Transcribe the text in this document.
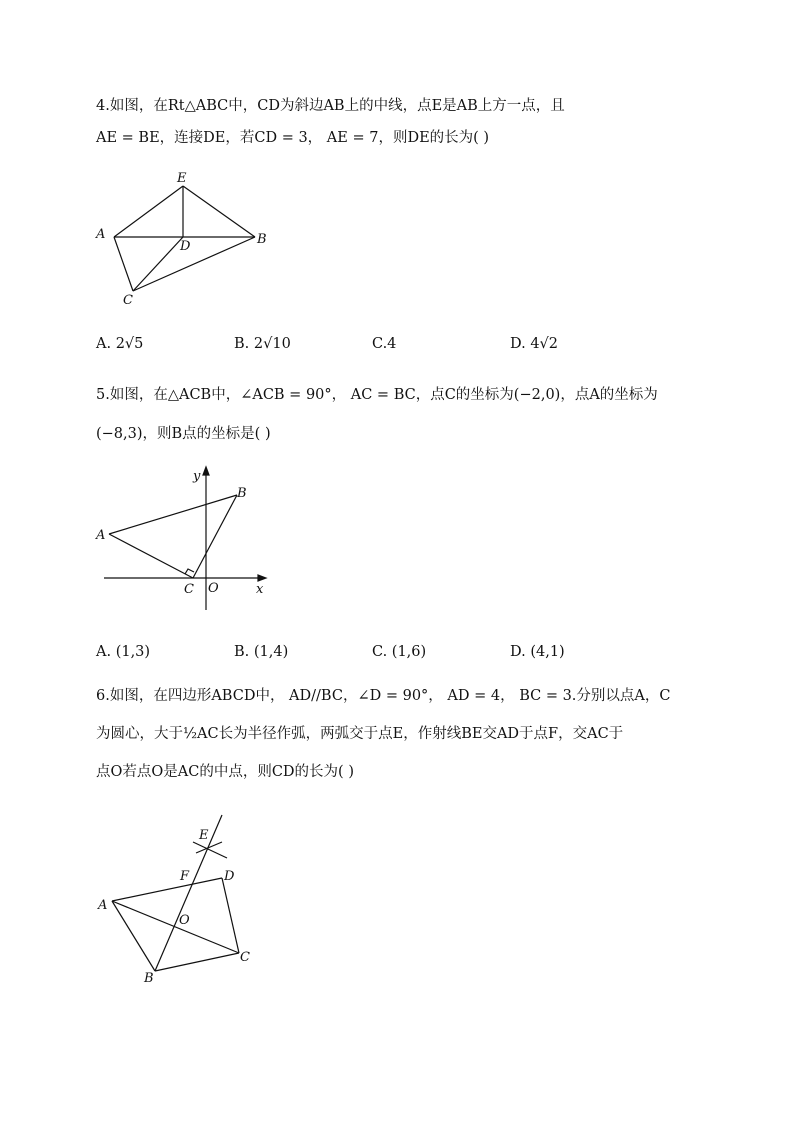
4.如图，在Rt△ABC中，CD为斜边AB上的中线，点E是AB上方一点，且
AE = BE，连接DE，若CD = 3， AE = 7，则DE的长为( )
E
A
D	B
C
A. 2√5	B. 2√10	C.4	D. 4√2
5.如图，在△ACB中，∠ACB = 90°， AC = BC，点C的坐标为(−2,0)，点A的坐标为
(−8,3)，则B点的坐标是( )
y
B
A
C O	x
A. (1,3)	B. (1,4)	C. (1,6)	D. (4,1)
6.如图，在四边形ABCD中， AD//BC，∠D = 90°， AD = 4， BC = 3.分别以点A，C
为圆心，大于½AC长为半径作弧，两弧交于点E，作射线BE交AD于点F，交AC于
点O若点O是AC的中点，则CD的长为( )
E
F	D
A
O
C
B
